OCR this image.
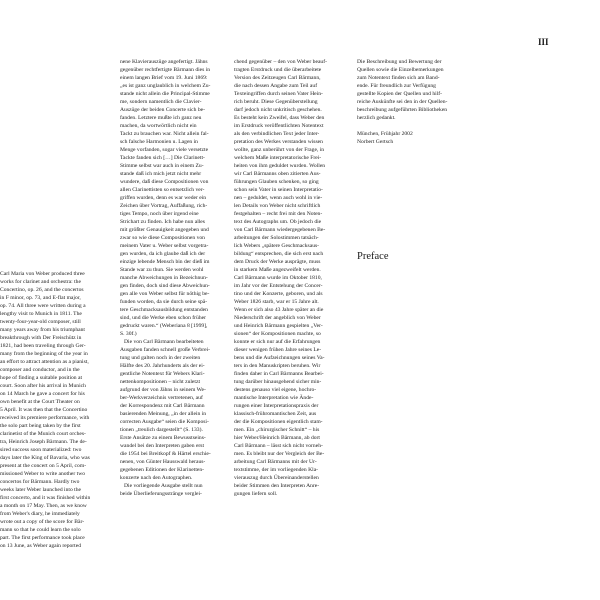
III
nene Klavierauszüge angefertigt. Jähns
gegenüber rechtfertigte Bärmann dies in
einem langen Brief vom 19. Juni 1869:
„es ist ganz unglaublich in welchem Zu-
stande nicht allein die Principal-Stimme
me, sondern namentlich die Clavier-
Auszüge der beiden Concerte sich be-
fanden. Letztere mußte ich ganz neu
machen, da wortwörtlich nicht ein
Tackt zu brauchen war. Nicht allein fal-
sch falsche Harmonien u. Lagen in
Menge vorfanden, sogar viele versetzte
Tackte fanden sich […] Die Clarinett-
Stimme selbst war auch in einem Zu-
stande daß ich mich jetzt nicht mehr
wundere, daß diese Compositionen von
allen Clarinettisten so entsetzlich ver-
griffen wurden, denn es war weder ein
Zeichen über Vortrag, Auffaßung, rich-
tiges Tempo, noch über irgend eine
Strichart zu finden. Ich habe nun alles
mit größter Genauigkeit angegeben und
zwar so wie diese Compositionen von
meinem Vater u. Weber selbst vorgetra-
gen wurden, da ich glaube daß ich der
einzige lebende Mensch bin der dieß im
Stande war zu thun. Sie werden wohl
manche Abweichungen in Bezeichnun-
gen finden, doch sind diese Abweichun-
gen alle von Weber selbst für nöthig be-
funden worden, da sie durch seine spä-
tere Geschmacksausbildung entstanden
sind, und die Werke eben schon früher
gedruckt waren.“ (Weberiana 8 [1999],
S. 30f.)
Die von Carl Bärmann bearbeiteten
Ausgaben fanden schnell große Verbrei-
tung und galten noch in der zweiten
Hälfte des 20. Jahrhunderts als der ei-
gentliche Notentext für Webers Klari-
nettenkompositionen – nicht zuletzt
aufgrund der von Jähns in seinem We-
ber-Werkverzeichnis vertretenen, auf
der Korrespondenz mit Carl Bärmann
basierenden Meinung, „in der allein in
correcten Ausgabe“ seien die Komposi-
tionen „treulich dargestellt“ (S. 133).
Erste Ansätze zu einem Bewusstseins-
wandel bei den Interpreten gaben erst
die 1954 bei Breitkopf & Härtel erschie-
nenen, von Günter Hausswald heraus-
gegebenen Editionen der Klarinetten-
konzerte nach den Autographen.
Die vorliegende Ausgabe stellt nun
beide Überlieferungsstränge verglei-
chend gegenüber – den von Weber beauf-
tragten Erstdruck und die überarbeitete
Version des Zeitzeugen Carl Bärmann,
die nach dessen Angabe zum Teil auf
Texteingriffen durch seinen Vater Hein-
rich beruht. Diese Gegenüberstellung
darf jedoch nicht unkritisch geschehen.
Es besteht kein Zweifel, dass Weber den
im Erstdruck veröffentlichten Notentext
als den verbindlichen Text jeder Inter-
pretation des Werkes verstanden wissen
wollte, ganz unberührt von der Frage, in
welchem Maße interpretatorische Frei-
heiten von ihm geduldet wurden. Wollen
wir Carl Bärmanns oben zitierten Aus-
führungen Glauben schenken, so ging
schon sein Vater in seinen Interpretatio-
nen – geduldet, wenn auch wohl in vie-
len Details von Weber nicht schriftlich
festgehalten – recht frei mit den Noten-
text des Autographs um. Ob jedoch die
von Carl Bärmann wiedergegebenen Be-
arbeitungen der Solostimmen tatsäch-
lich Webers „spätere Geschmacksaus-
bildung“ entsprechen, die sich erst nach
dem Druck der Werke ausprägte, muss
in starkem Maße angezweifelt werden.
Carl Bärmann wurde im Oktober 1810,
im Jahr vor der Entstehung der Concer-
tino und der Konzerte, geboren, und als
Weber 1826 starb, war er 15 Jahre alt.
Wenn er sich also 43 Jahre später an die
Niederschrift der angeblich von Weber
und Heinrich Bärmann gespielten „Ver-
sionen“ der Kompositionen machte, so
konnte er sich nur auf die Erfahrungen
dieser wenigen frühen Jahre seines Le-
bens und die Aufzeichnungen seines Va-
ters in den Manuskripten beruhen. Wir
finden daher in Carl Bärmanns Bearbei-
tung darüber hinausgehend sicher min-
destens genauso viel eigene, hochro-
mantische Interpretation wie Ände-
rungen einer Interpretationspraxis der
klassisch-frühromantischen Zeit, aus
der die Kompositionen eigentlich stam-
men. Ein „chirurgischer Schnitt“ – his
hier Weber/Heinrich Bärmann, ab dort
Carl Bärmann – lässt sich nicht vorneh-
men. Es bleibt nur der Vergleich der Be-
arbeitung Carl Bärmanns mit der Ur-
textstimme, der im vorliegenden Kla-
vierauszug durch Übereinanderstellen
beider Stimmen den Interpreten Anre-
gungen liefern soll.
Die Beschreibung und Bewertung der
Quellen sowie die Einzelbemerkungen
zum Notentext finden sich am Band-
ende. Für freundlich zur Verfügung
gestellte Kopien der Quellen und hilf-
reiche Auskünfte sei den in der Quellen-
beschreibung aufgeführten Bibliotheken
herzlich gedankt.
München, Frühjahr 2002
Norbert Gertsch
Preface
Carl Maria von Weber produced three
works for clarinet and orchestra: the
Concertino, op. 26, and the concertos
in F minor, op. 73, and E-flat major,
op. 74. All three were written during a
lengthy visit to Munich in 1811. The
twenty-four-year-old composer, still
many years away from his triumphant
breakthrough with Der Freischütz in
1821, had been traveling through Ger-
many from the beginning of the year in
an effort to attract attention as a pianist,
composer and conductor, and in the
hope of finding a suitable position at
court. Soon after his arrival in Munich
on 14 March he gave a concert for his
own benefit at the Court Theater on
5 April. It was then that the Concertino
received its premiere performance, with
the solo part being taken by the first
clarinetist of the Munich court orches-
tra, Heinrich Joseph Bärmann. The de-
sired success soon materialized: two
days later the King of Bavaria, who was
present at the concert on 5 April, com-
missioned Weber to write another two
concertos for Bärmann. Hardly two
weeks later Weber launched into the
first concerto, and it was finished within
a month on 17 May. Then, as we know
from Weber's diary, he immediately
wrote out a copy of the score for Bär-
mann so that he could learn the solo
part. The first performance took place
on 13 June, as Weber again reported
